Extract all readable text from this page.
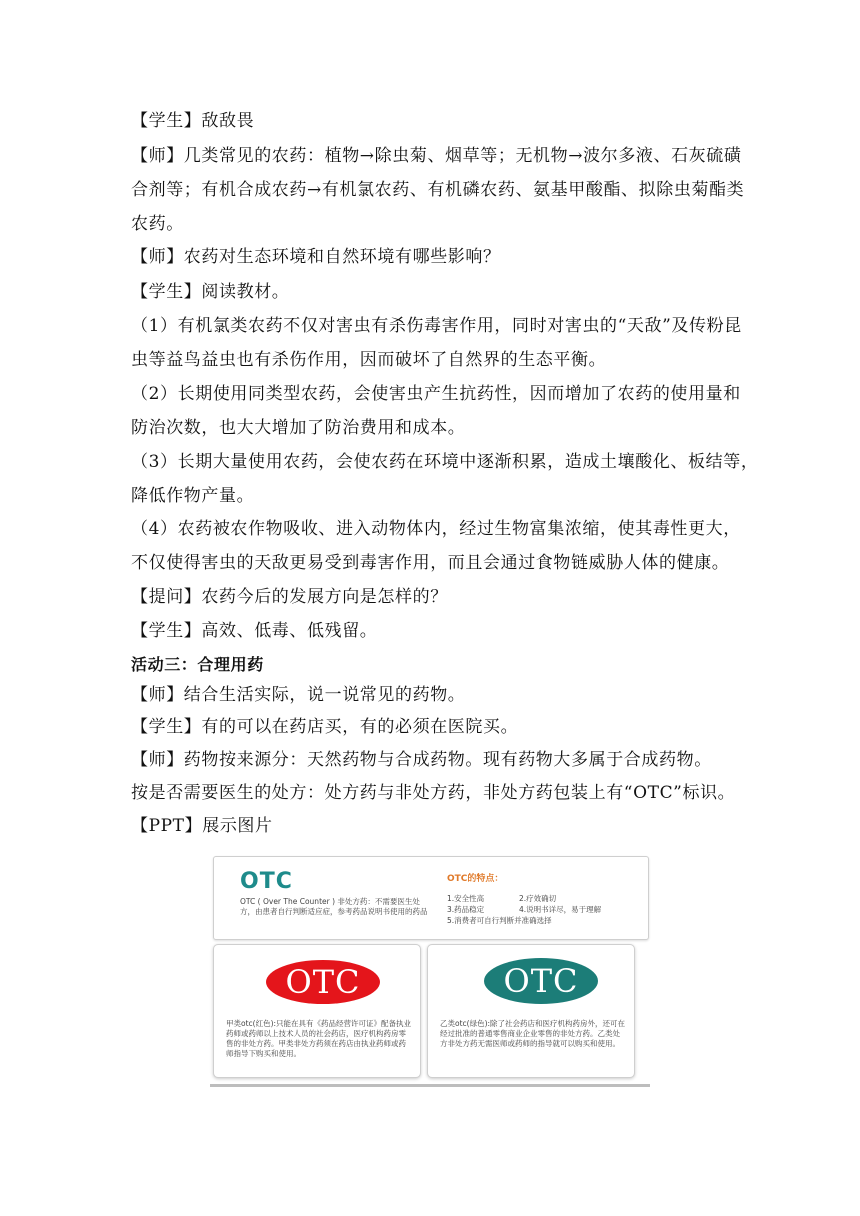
【学生】敌敌畏
【师】几类常见的农药：植物→除虫菊、烟草等；无机物→波尔多液、石灰硫磺
合剂等；有机合成农药→有机氯农药、有机磷农药、氨基甲酸酯、拟除虫菊酯类
农药。
【师】农药对生态环境和自然环境有哪些影响？
【学生】阅读教材。
（1）有机氯类农药不仅对害虫有杀伤毒害作用，同时对害虫的“天敌”及传粉昆
虫等益鸟益虫也有杀伤作用，因而破坏了自然界的生态平衡。
（2）长期使用同类型农药，会使害虫产生抗药性，因而增加了农药的使用量和
防治次数，也大大增加了防治费用和成本。
（3）长期大量使用农药，会使农药在环境中逐渐积累，造成土壤酸化、板结等，
降低作物产量。
（4）农药被农作物吸收、进入动物体内，经过生物富集浓缩，使其毒性更大，
不仅使得害虫的天敌更易受到毒害作用，而且会通过食物链威胁人体的健康。
【提问】农药今后的发展方向是怎样的？
【学生】高效、低毒、低残留。
活动三：合理用药
【师】结合生活实际，说一说常见的药物。
【学生】有的可以在药店买，有的必须在医院买。
【师】药物按来源分：天然药物与合成药物。现有药物大多属于合成药物。
按是否需要医生的处方：处方药与非处方药，非处方药包装上有“OTC”标识。
【PPT】展示图片
OTC
OTC ( Over The Counter ) 非处方药：不需要医生处方，由患者自行判断适应症，参考药品说明书使用的药品
OTC的特点：
1.安全性高	2.疗效确切
3.药品稳定	4.说明书详尽，易于理解
5.消费者可自行判断并准确选择
OTC
甲类otc(红色):只能在具有《药品经营许可证》配备执业药师或药师以上技术人员的社会药店，医疗机构药房零售的非处方药。甲类非处方药须在药店由执业药师或药师指导下购买和使用。
OTC
乙类otc(绿色):除了社会药店和医疗机构药房外，还可在经过批准的普通零售商业企业零售的非处方药。乙类处方非处方药无需医师或药师的指导就可以购买和使用。
